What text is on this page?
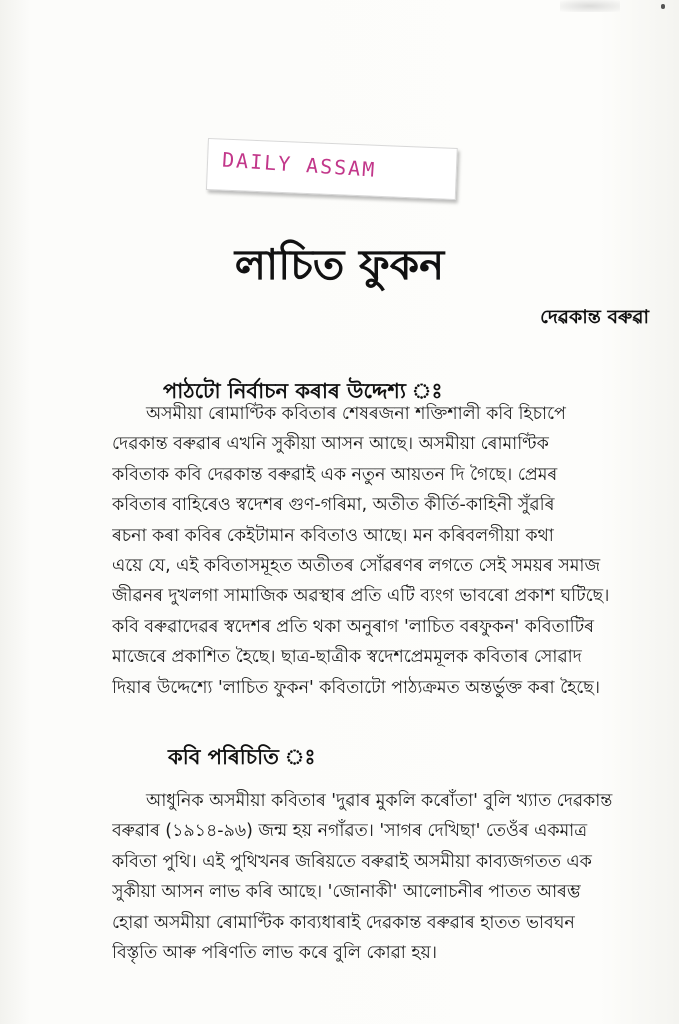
DAILY ASSAM
লাচিত ফুকন
দেৱকান্ত বৰুৱা
পাঠটো নিৰ্বাচন কৰাৰ উদ্দেশ্য ঃ
অসমীয়া ৰোমাণ্টিক কবিতাৰ শেষৰজনা শক্তিশালী কবি হিচাপে
দেৱকান্ত বৰুৱাৰ এখনি সুকীয়া আসন আছে। অসমীয়া ৰোমাণ্টিক
কবিতাক কবি দেৱকান্ত বৰুৱাই এক নতুন আয়তন দি গৈছে। প্ৰেমৰ
কবিতাৰ বাহিৰেও স্বদেশৰ গুণ-গৰিমা, অতীত কীৰ্তি-কাহিনী সুঁৱৰি
ৰচনা কৰা কবিৰ কেইটামান কবিতাও আছে। মন কৰিবলগীয়া কথা
এয়ে যে, এই কবিতাসমূহত অতীতৰ সোঁৱৰণৰ লগতে সেই সময়ৰ সমাজ
জীৱনৰ দুখলগা সামাজিক অৱস্থাৰ প্ৰতি এটি ব্যংগ ভাবৰো প্ৰকাশ ঘটিছে।
কবি বৰুৱাদেৱৰ স্বদেশৰ প্ৰতি থকা অনুৰাগ 'লাচিত বৰফুকন' কবিতাটিৰ
মাজেৰে প্ৰকাশিত হৈছে। ছাত্ৰ-ছাত্ৰীক স্বদেশপ্ৰেমমূলক কবিতাৰ সোৱাদ
দিয়াৰ উদ্দেশ্যে 'লাচিত ফুকন' কবিতাটো পাঠ্যক্ৰমত অন্তৰ্ভুক্ত কৰা হৈছে।
কবি পৰিচিতি ঃ
আধুনিক অসমীয়া কবিতাৰ 'দুৱাৰ মুকলি কৰোঁতা' বুলি খ্যাত দেৱকান্ত
বৰুৱাৰ (১৯১৪-৯৬) জন্ম হয় নগাঁৱত। 'সাগৰ দেখিছা' তেওঁৰ একমাত্ৰ
কবিতা পুথি। এই পুথিখনৰ জৰিয়তে বৰুৱাই অসমীয়া কাব্যজগতত এক
সুকীয়া আসন লাভ কৰি আছে। 'জোনাকী' আলোচনীৰ পাতত আৰম্ভ
হোৱা অসমীয়া ৰোমাণ্টিক কাব্যধাৰাই দেৱকান্ত বৰুৱাৰ হাতত ভাবঘন
বিস্তৃতি আৰু পৰিণতি লাভ কৰে বুলি কোৱা হয়।
